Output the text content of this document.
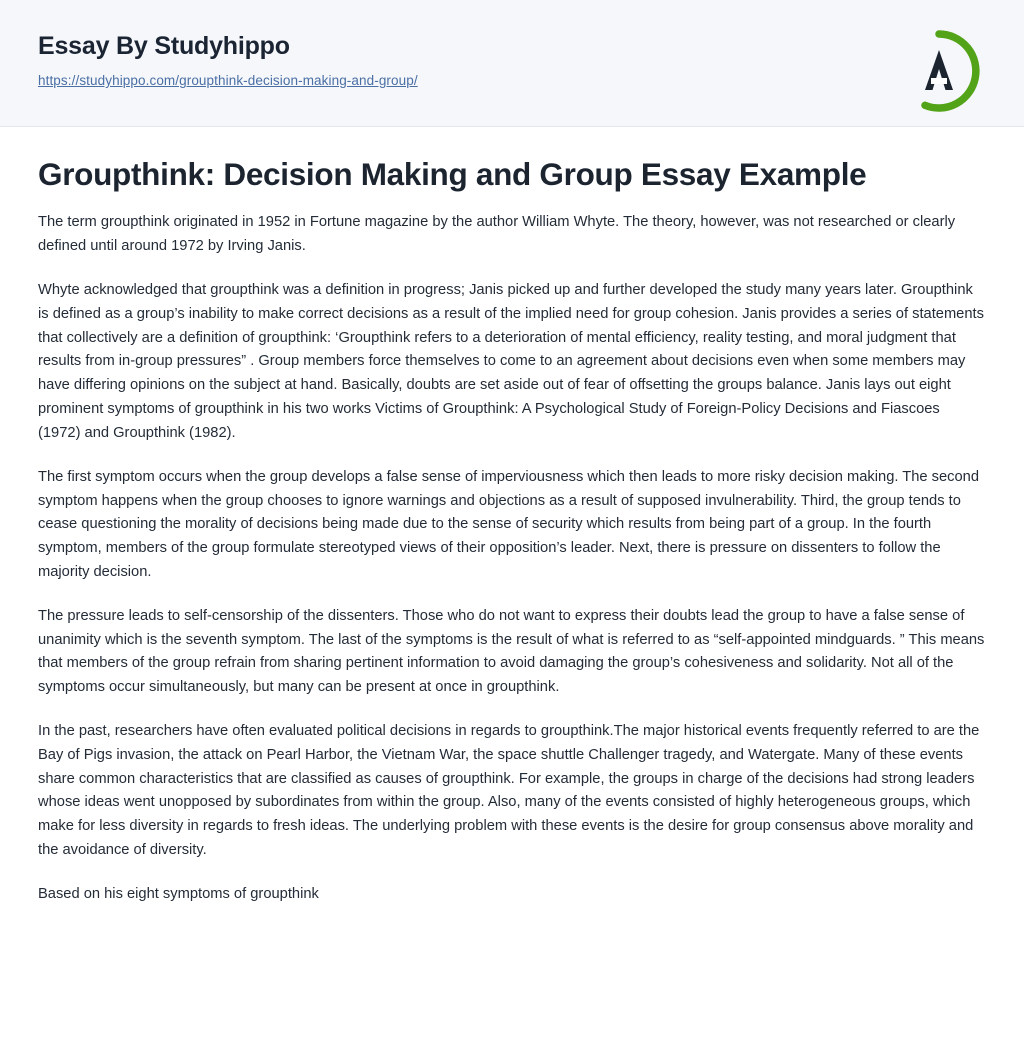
Essay By Studyhippo
https://studyhippo.com/groupthink-decision-making-and-group/
Groupthink: Decision Making and Group Essay Example

The term groupthink originated in 1952 in Fortune magazine by the author William Whyte. The theory, however, was not researched or clearly defined until around 1972 by Irving Janis.

Whyte acknowledged that groupthink was a definition in progress; Janis picked up and further developed the study many years later. Groupthink is defined as a group’s inability to make correct decisions as a result of the implied need for group cohesion. Janis provides a series of statements that collectively are a definition of groupthink: ‘Groupthink refers to a deterioration of mental efficiency, reality testing, and moral judgment that results from in-group pressures” . Group members force themselves to come to an agreement about decisions even when some members may have differing opinions on the subject at hand. Basically, doubts are set aside out of fear of offsetting the groups balance. Janis lays out eight prominent symptoms of groupthink in his two works Victims of Groupthink: A Psychological Study of Foreign-Policy Decisions and Fiascoes (1972) and Groupthink (1982).

The first symptom occurs when the group develops a false sense of imperviousness which then leads to more risky decision making. The second symptom happens when the group chooses to ignore warnings and objections as a result of supposed invulnerability. Third, the group tends to cease questioning the morality of decisions being made due to the sense of security which results from being part of a group. In the fourth symptom, members of the group formulate stereotyped views of their opposition’s leader. Next, there is pressure on dissenters to follow the majority decision.

The pressure leads to self-censorship of the dissenters. Those who do not want to express their doubts lead the group to have a false sense of unanimity which is the seventh symptom. The last of the symptoms is the result of what is referred to as “self-appointed mindguards. ” This means that members of the group refrain from sharing pertinent information to avoid damaging the group’s cohesiveness and solidarity. Not all of the symptoms occur simultaneously, but many can be present at once in groupthink.

In the past, researchers have often evaluated political decisions in regards to groupthink.The major historical events frequently referred to are the Bay of Pigs invasion, the attack on Pearl Harbor, the Vietnam War, the space shuttle Challenger tragedy, and Watergate. Many of these events share common characteristics that are classified as causes of groupthink. For example, the groups in charge of the decisions had strong leaders whose ideas went unopposed by subordinates from within the group. Also, many of the events consisted of highly heterogeneous groups, which make for less diversity in regards to fresh ideas. The underlying problem with these events is the desire for group consensus above morality and the avoidance of diversity.

Based on his eight symptoms of groupthink
